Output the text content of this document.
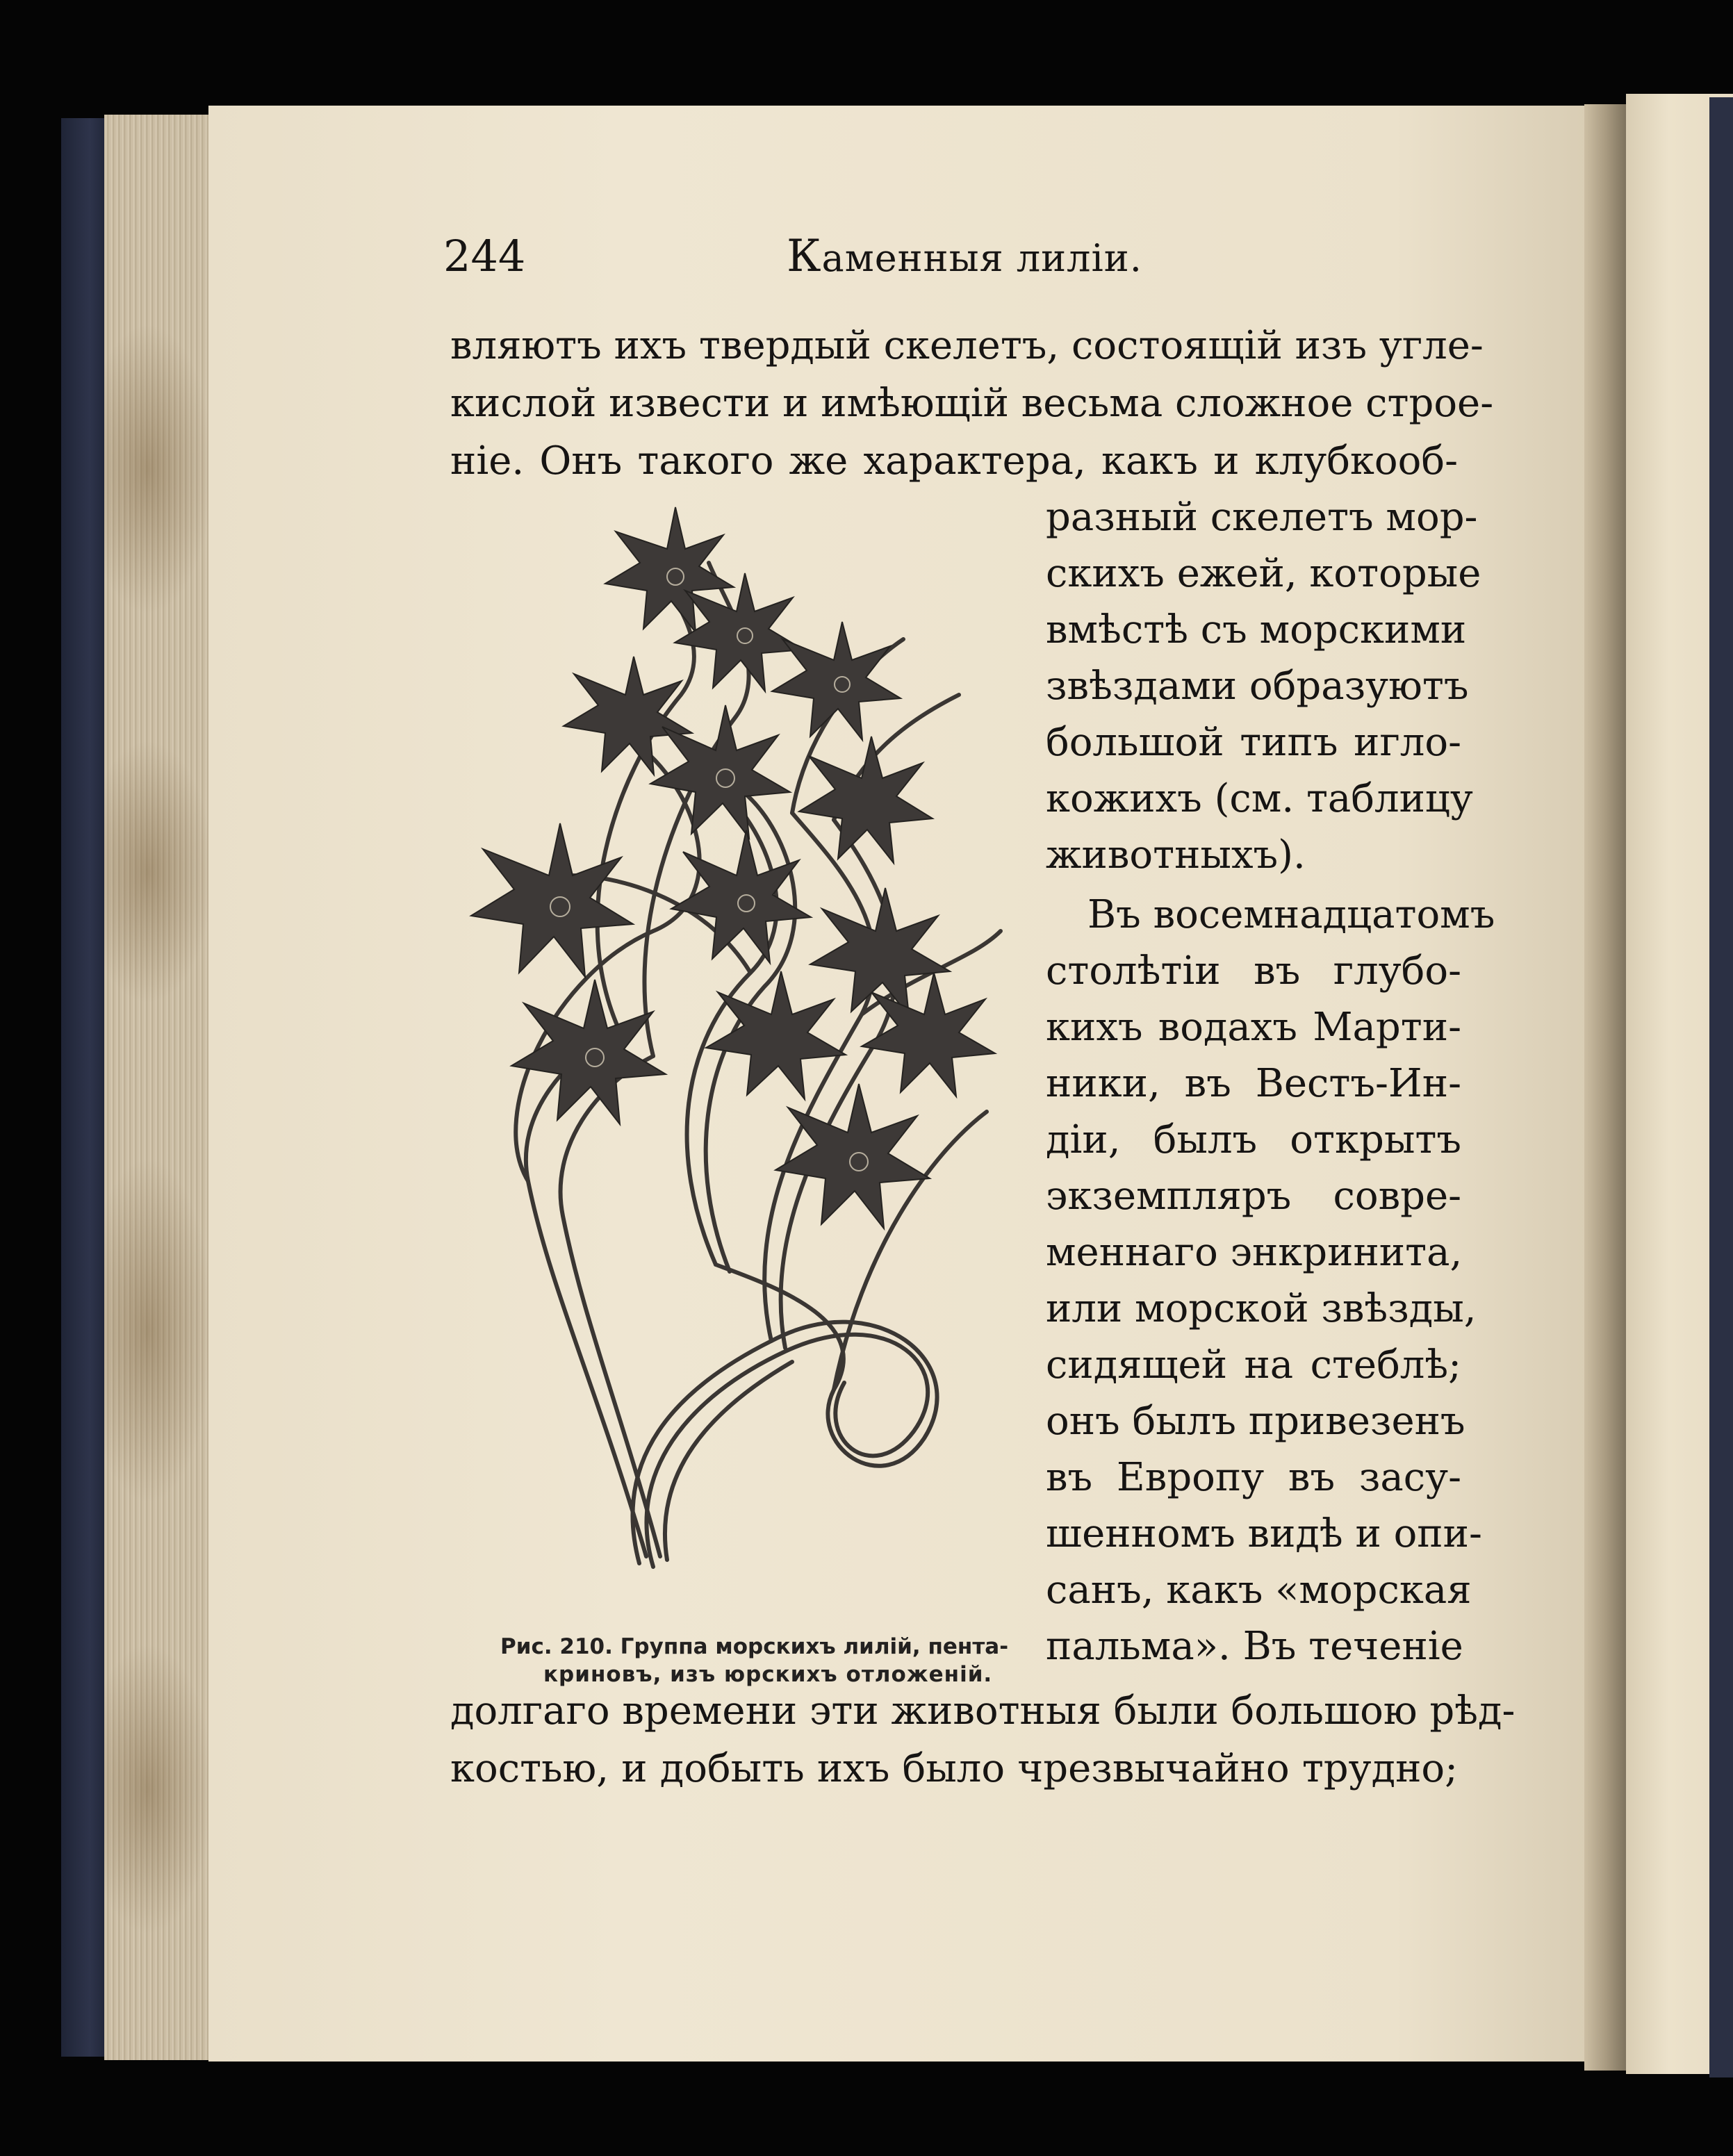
244	Каменныя лилiи.
вляютъ ихъ твердый скелетъ, состоящiй изъ угле-
кислой извести и имѣющiй весьма сложное строе-
нiе. Онъ такого же характера, какъ и клубкооб-
разный скелетъ мор-
скихъ ежей, которые
вмѣстѣ съ морскими
звѣздами образуютъ
большой типъ игло-
кожихъ (см. таблицу
животныхъ).
Въ восемнадцатомъ
столѣтiи въ глубо-
кихъ водахъ Марти-
ники, въ Вестъ-Ин-
дiи, былъ открытъ
экземпляръ совре-
меннаго энкринита,
или морской звѣзды,
сидящей на стеблѣ;
онъ былъ привезенъ
въ Европу въ засу-
шенномъ видѣ и опи-
санъ, какъ «морская
пальма». Въ теченiе
долгаго времени эти животныя были большою рѣд-
костью, и добыть ихъ было чрезвычайно трудно;
Рис. 210. Группа морскихъ лилiй, пента-
криновъ, изъ юрскихъ отложенiй.
